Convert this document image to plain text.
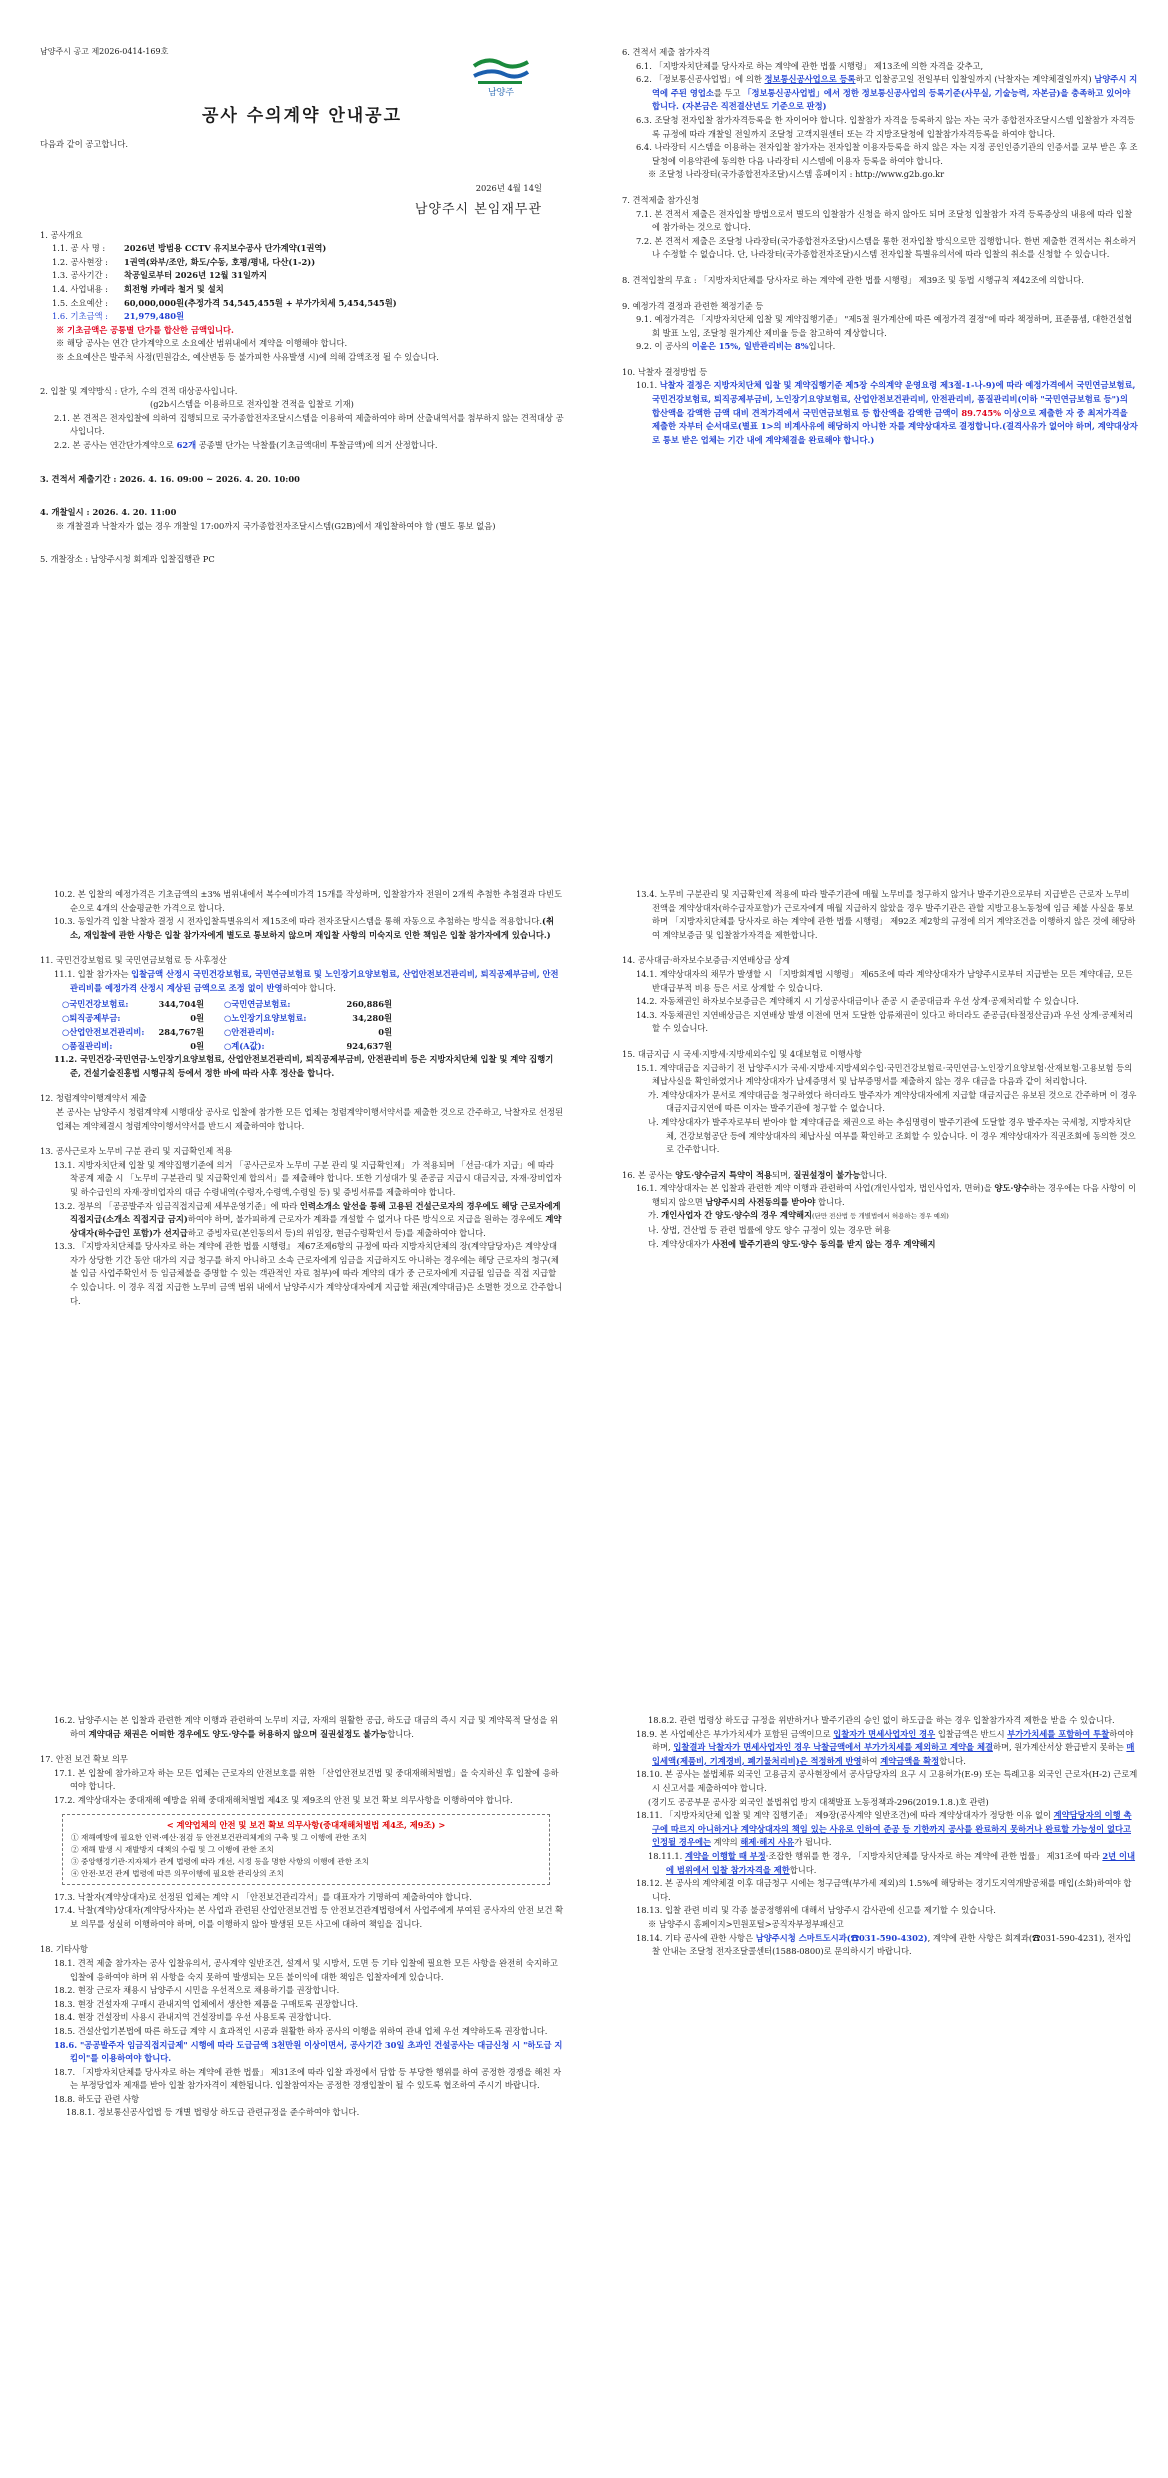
남양주시 공고 제2026-0414-169호

남양주

공사 수의계약 안내공고

다음과 같이 공고합니다.

2026년 4월 14일

남양주시 본임재무관

1. 공사개요

1.1. 공 사 명 :	2026년 방범용 CCTV 유지보수공사 단가계약(1권역)
1.2. 공사현장 :	1권역(와부/조안, 화도/수동, 호평/평내, 다산(1-2))
1.3. 공사기간 :	착공일로부터 2026년 12월 31일까지
1.4. 사업내용 :	회전형 카메라 철거 및 설치
1.5. 소요예산 :	60,000,000원(추정가격 54,545,455원 + 부가가치세 5,454,545원)
1.6. 기초금액 :	21,979,480원

※ 기초금액은 공통별 단가를 합산한 금액입니다.

※ 해당 공사는 연간 단가계약으로 소요예산 범위내에서 계약을 이행해야 합니다.

※ 소요예산은 발주처 사정(민원감소, 예산변동 등 불가피한 사유발생 시)에 의해 감액조정 될 수 있습니다.

2. 입찰 및 계약방식 : 단가, 수의 견적 대상공사입니다.

(g2b시스템을 이용하므로 전자입찰 견적을 입찰로 기재)

2.1. 본 견적은 전자입찰에 의하여 집행되므로 국가종합전자조달시스템을 이용하여 제출하여야 하며 산출내역서를 첨부하지 않는 견적대상 공사입니다.

2.2. 본 공사는 연간단가계약으로 62개 공종별 단가는 낙찰률(기초금액대비 투찰금액)에 의거 산정합니다.

3. 견적서 제출기간 : 2026. 4. 16. 09:00 ~ 2026. 4. 20. 10:00

4. 개찰일시 : 2026. 4. 20. 11:00

※ 개찰결과 낙찰자가 없는 경우 개찰일 17:00까지 국가종합전자조달시스템(G2B)에서 재입찰하여야 함 (별도 통보 없음)

5. 개찰장소 : 남양주시청 회계과 입찰집행관 PC

6. 견적서 제출 참가자격

6.1. 「지방자치단체를 당사자로 하는 계약에 관한 법률 시행령」 제13조에 의한 자격을 갖추고,

6.2. 「정보통신공사업법」에 의한 정보통신공사업으로 등록하고 입찰공고일 전일부터 입찰일까지 (낙찰자는 계약체결일까지) 남양주시 지역에 주된 영업소를 두고 「정보통신공사업법」에서 정한 정보통신공사업의 등록기준(사무실, 기술능력, 자본금)을 충족하고 있어야 합니다. (자본금은 직전결산년도 기준으로 판정)

6.3. 조달청 전자입찰 참가자격등록을 한 자이어야 합니다. 입찰참가 자격을 등록하지 않는 자는 국가 종합전자조달시스템 입찰참가 자격등록 규정에 따라 개찰일 전일까지 조달청 고객지원센터 또는 각 지방조달청에 입찰참가자격등록을 하여야 합니다.

6.4. 나라장터 시스템을 이용하는 전자입찰 참가자는 전자입찰 이용자등록을 하지 않은 자는 지정 공인인증기관의 인증서를 교부 받은 후 조달청에 이용약관에 동의한 다음 나라장터 시스템에 이용자 등록을 하여야 합니다.

※ 조달청 나라장터(국가종합전자조달)시스템 홈페이지 : http://www.g2b.go.kr

7. 견적제출 참가신청

7.1. 본 견적서 제출은 전자입찰 방법으로서 별도의 입찰참가 신청을 하지 않아도 되며 조달청 입찰참가 자격 등록증상의 내용에 따라 입찰에 참가하는 것으로 합니다.

7.2. 본 견적서 제출은 조달청 나라장터(국가종합전자조달)시스템을 통한 전자입찰 방식으로만 집행합니다. 한번 제출한 견적서는 취소하거나 수정할 수 없습니다. 단, 나라장터(국가종합전자조달)시스템 전자입찰 특별유의서에 따라 입찰의 취소를 신청할 수 있습니다.

8. 견적입찰의 무효 : 「지방자치단체를 당사자로 하는 계약에 관한 법률 시행령」 제39조 및 동법 시행규칙 제42조에 의합니다.

9. 예정가격 결정과 관련한 책정기준 등

9.1. 예정가격은 「지방자치단체 입찰 및 계약집행기준」 "제5절 원가계산에 따른 예정가격 결정"에 따라 책정하며, 표준품셈, 대한건설협회 발표 노임, 조달청 원가계산 제비율 등을 참고하여 계상합니다.

9.2. 이 공사의 이윤은 15%, 일반관리비는 8%입니다.

10. 낙찰자 결정방법 등

10.1. 낙찰자 결정은 지방자치단체 입찰 및 계약집행기준 제5장 수의계약 운영요령 제3절-1-나-9)에 따라 예정가격에서 국민연금보험료, 국민건강보험료, 퇴직공제부금비, 노인장기요양보험료, 산업안전보건관리비, 안전관리비, 품질관리비(이하 "국민연금보험료 등")의 합산액을 감액한 금액 대비 견적가격에서 국민연금보험료 등 합산액을 감액한 금액이 89.745% 이상으로 제출한 자 중 최저가격을 제출한 자부터 순서대로(별표 1>의 비계사유에 해당하지 아니한 자를 계약상대자로 결정합니다.(결격사유가 없어야 하며, 계약대상자로 통보 받은 업체는 기간 내에 계약체결을 완료해야 합니다.)

10.2. 본 입찰의 예정가격은 기초금액의 ±3% 범위내에서 복수예비가격 15개를 작성하며, 입찰참가자 전원이 2개씩 추첨한 추첨결과 다빈도 순으로 4개의 산술평균한 가격으로 합니다.

10.3. 동일가격 입찰 낙찰자 결정 시 전자입찰특별유의서 제15조에 따라 전자조달시스템을 통해 자동으로 추첨하는 방식을 적용합니다.(취소, 재입찰에 관한 사항은 입찰 참가자에게 별도로 통보하지 않으며 재입찰 사항의 미숙지로 인한 책임은 입찰 참가자에게 있습니다.)

11. 국민건강보험료 및 국민연금보험료 등 사후정산

11.1. 입찰 참가자는 입찰금액 산정시 국민건강보험료, 국민연금보험료 및 노인장기요양보험료, 산업안전보건관리비, 퇴직공제부금비, 안전관리비를 예정가격 산정시 계상된 금액으로 조정 없이 반영하여야 합니다.

○국민건강보험료:	344,704원 ○국민연금보험료:	260,886원
○퇴직공제부금:	0원 ○노인장기요양보험료:	34,280원
○산업안전보건관리비:	284,767원 ○안전관리비:	0원
○품질관리비:	0원 ○계(A값):	924,637원

11.2. 국민건강·국민연금·노인장기요양보험료, 산업안전보건관리비, 퇴직공제부금비, 안전관리비 등은 지방자치단체 입찰 및 계약 집행기준, 건설기술진흥법 시행규칙 등에서 정한 바에 따라 사후 정산을 합니다.

12. 청렴계약이행계약서 제출

본 공사는 남양주시 청렴계약제 시행대상 공사로 입찰에 참가한 모든 업체는 청렴계약이행서약서를 제출한 것으로 간주하고, 낙찰자로 선정된 업체는 계약체결시 청렴계약이행서약서를 반드시 제출하여야 합니다.

13. 공사근로자 노무비 구분 관리 및 지급확인제 적용

13.1. 지방자치단체 입찰 및 계약집행기준에 의거 「공사근로자 노무비 구분 관리 및 지급확인제」 가 적용되며 「선금·대가 지급」에 따라 착공계 제출 시 「노무비 구분관리 및 지급확인제 합의서」를 제출해야 합니다. 또한 기성대가 및 준공금 지급시 대금지급, 자재·장비업자 및 하수급인의 자재·장비업자의 대금 수령내역(수령자,수령액,수령일 등) 및 증빙서류를 제출하여야 합니다.

13.2. 정부의 「공공발주자 임금직접지급제 세부운영기준」에 따라 인력소개소 알선을 통해 고용된 건설근로자의 경우에도 해당 근로자에게 직접지급(소개소 직접지급 금지)하여야 하며, 불가피하게 근로자가 계좌를 개설할 수 없거나 다른 방식으로 지급을 원하는 경우에도 계약상대자(하수급인 포함)가 선지급하고 증빙자료(본인동의서 등)의 위임장, 현금수령확인서 등)를 제출하여야 합니다.

13.3. 『지방자치단체를 당사자로 하는 계약에 관한 법률 시행령』 제67조제6항의 규정에 따라 지방자치단체의 장(계약담당자)은 계약상대자가 상당한 기간 동안 대가의 지급 청구를 하지 아니하고 소속 근로자에게 임금을 지급하지도 아니하는 경우에는 해당 근로자의 청구(체불 입금 사업주확인서 등 임금체불을 증명할 수 있는 객관적인 자료 첨부)에 따라 계약의 대가 중 근로자에게 지급될 임금을 직접 지급할 수 있습니다. 이 경우 직접 지급한 노무비 금액 범위 내에서 남양주시가 계약상대자에게 지급할 채권(계약대금)은 소멸한 것으로 간주합니다.

13.4. 노무비 구분관리 및 지급확인제 적용에 따라 발주기관에 매월 노무비를 청구하지 않거나 발주기관으로부터 지급받은 근로자 노무비 전액을 계약상대자(하수급자포함)가 근로자에게 매월 지급하지 않았을 경우 발주기관은 관할 지방고용노동청에 임금 체불 사실을 통보하며 「지방자치단체를 당사자로 하는 계약에 관한 법률 시행령」 제92조 제2항의 규정에 의거 계약조건을 이행하지 않은 것에 해당하여 계약보증금 및 입찰참가자격을 제한합니다.

14. 공사대금·하자보수보증금·지연배상금 상계

14.1. 계약상대자의 채무가 발생할 시 「지방회계법 시행령」 제65조에 따라 계약상대자가 남양주시로부터 지급받는 모든 계약대금, 모든 반대급부적 비용 등은 서로 상계할 수 있습니다.

14.2. 자동채권인 하자보수보증금은 계약해지 시 기성공사대금이나 준공 시 준공대금과 우선 상계·공제처리할 수 있습니다.

14.3. 자동채권인 지연배상금은 지연배상 발생 이전에 먼저 도달한 압류채권이 있다고 하더라도 준공금(타절정산금)과 우선 상계·공제처리할 수 있습니다.

15. 대금지급 시 국세·지방세·지방세외수입 및 4대보험료 이행사항

15.1. 계약대금을 지급하기 전 납양주시가 국세·지방세·지방세외수입·국민건강보험료·국민연금·노인장기요양보험·산재보험·고용보험 등의 체납사실을 확인하였거나 계약상대자가 납세증명서 및 납부증명서를 제출하지 않는 경우 대금을 다음과 같이 처리합니다.

가. 계약상대자가 문서로 계약대금을 청구하였다 하더라도 발주자가 계약상대자에게 지급할 대금지급은 유보된 것으로 간주하며 이 경우 대금지급지연에 따른 이자는 발주기관에 청구할 수 없습니다.

나. 계약상대자가 발주자로부터 받아야 할 계약대금을 채권으로 하는 추심명령이 발주기관에 도달할 경우 발주자는 국세청, 지방자치단체, 건강보험공단 등에 계약상대자의 체납사실 여부를 확인하고 조회할 수 있습니다. 이 경우 계약상대자가 직권조회에 동의한 것으로 간주합니다.

16. 본 공사는 양도·양수금지 특약이 적용되며, 질권설정이 불가능합니다.

16.1. 계약상대자는 본 입찰과 관련한 계약 이행과 관련하여 사업(개인사업자, 법인사업자, 면허)을 양도·양수하는 경우에는 다음 사항이 이행되지 않으면 남양주시의 사전동의를 받아야 합니다.

가. 개인사업자 간 양도·양수의 경우 계약해지(단만 전산법 등 개별법에서 허용하는 경우 예외)

나. 상법, 건산법 등 관련 법률에 양도 양수 규정이 있는 경우만 허용

다. 계약상대자가 사전에 발주기관의 양도·양수 동의를 받지 않는 경우 계약해지

16.2. 남양주시는 본 입찰과 관련한 계약 이행과 관련하여 노무비 지급, 자재의 원활한 공급, 하도급 대금의 즉시 지급 및 계약목적 달성을 위하여 계약대금 채권은 어떠한 경우에도 양도·양수를 허용하지 않으며 질권설정도 불가능합니다.

17. 안전 보건 확보 의무

17.1. 본 입찰에 참가하고자 하는 모든 업체는 근로자의 안전보호를 위한 「산업안전보건법 및 중대재해처벌법」을 숙지하신 후 입찰에 응하여야 합니다.

17.2. 계약상대자는 중대재해 예방을 위해 중대재해처벌법 제4조 및 제9조의 안전 및 보건 확보 의무사항을 이행하여야 합니다.

< 계약업체의 안전 및 보건 확보 의무사항(중대재해처벌법 제4조, 제9조) >

① 재해예방에 필요한 인력·예산·점검 등 안전보건관리체계의 구축 및 그 이행에 관한 조치

② 재해 발생 시 재발방지 대책의 수립 및 그 이행에 관한 조치

③ 중앙행정기관·지자체가 관계 법령에 따라 개선, 시정 등을 명한 사항의 이행에 관한 조치

④ 안전·보건 관계 법령에 따른 의무이행에 필요한 관리상의 조치

17.3. 낙찰자(계약상대자)로 선정된 업체는 계약 시 「안전보건관리각서」를 대표자가 기명하여 제출하여야 합니다.

17.4. 낙찰(계약)상대자(계약당사자)는 본 사업과 관련된 산업안전보건법 등 안전보건관계법령에서 사업주에게 부여된 공사자의 안전 보건 확보 의무를 성실히 이행하여야 하며, 이를 이행하지 않아 발생된 모든 사고에 대하여 책임을 집니다.

18. 기타사항

18.1. 견적 제출 참가자는 공사 입찰유의서, 공사계약 일반조건, 설계서 및 시방서, 도면 등 기타 입찰에 필요한 모든 사항을 완전히 숙지하고 입찰에 응하여야 하며 위 사항을 숙지 못하여 발생되는 모든 불이익에 대한 책임은 입찰자에게 있습니다.

18.2. 현장 근로자 채용시 남양주시 시민을 우선적으로 채용하기를 권장합니다.

18.3. 현장 건설자재 구매시 관내지역 업체에서 생산한 제품을 구매토록 권장합니다.

18.4. 현장 건설장비 사용시 관내지역 건설장비를 우선 사용토록 권장합니다.

18.5. 건설산업기본법에 따른 하도급 계약 시 효과적인 시공과 원활한 하자 공사의 이행을 위하여 관내 업체 우선 계약하도록 권장합니다.

18.6. "공공발주자 임금직접지급제" 시행에 따라 도급금액 3천만원 이상이면서, 공사기간 30일 초과인 건설공사는 대금신청 시 "하도급 지킴이"를 이용하여야 합니다.

18.7. 「지방자치단체를 당사자로 하는 계약에 관한 법률」 제31조에 따라 입찰 과정에서 담합 등 부당한 행위를 하여 공정한 경쟁을 해친 자는 부정당업자 제재를 받아 입찰 참가자격이 제한됩니다. 입찰참여자는 공정한 경쟁입찰이 될 수 있도록 협조하여 주시기 바랍니다.

18.8. 하도급 관련 사항

18.8.1. 정보통신공사업법 등 개별 법령상 하도급 관련규정을 준수하여야 합니다.

18.8.2. 관련 법령상 하도급 규정을 위반하거나 발주기관의 승인 없이 하도급을 하는 경우 입찰참가자격 제한을 받을 수 있습니다.

18.9. 본 사업예산은 부가가치세가 포함된 금액이므로 입찰자가 면세사업자인 경우 입찰금액은 반드시 부가가치세를 포함하여 투찰하여야 하며, 입찰결과 낙찰자가 면세사업자인 경우 낙찰금액에서 부가가치세를 제외하고 계약을 체결하며, 원가계산서상 환급받지 못하는 매입세액(제품비, 기계경비, 폐기물처리비)은 적정하게 반영하여 계약금액을 확정합니다.

18.10. 본 공사는 불법체류 외국인 고용금지 공사현장에서 공사담당자의 요구 시 고용허가(E-9) 또는 특례고용 외국인 근로자(H-2) 근로계시 신고서를 제출하여야 합니다.

(경기도 공공부문 공사장 외국인 불법취업 방지 대책발표 노동정책과-296(2019.1.8.)호 관련)

18.11. 「지방자치단체 입찰 및 계약 집행기준」 제9장(공사계약 일반조건)에 따라 계약상대자가 정당한 이유 없이 계약담당자의 이행 촉구에 따르지 아니하거나 계약상대자의 책임 있는 사유로 인하여 준공 등 기한까지 공사를 완료하지 못하거나 완료할 가능성이 없다고 인정될 경우에는 계약의 해제·해지 사유가 됩니다.

18.11.1. 계약을 이행할 때 부정·조잡한 행위를 한 경우, 「지방자치단체를 당사자로 하는 계약에 관한 법률」 제31조에 따라 2년 이내에 범위에서 입찰 참가자격을 제한합니다.

18.12. 본 공사의 계약체결 이후 대금청구 시에는 청구금액(부가세 제외)의 1.5%에 해당하는 경기도지역개발공채를 매입(소화)하여야 합니다.

18.13. 입찰 관련 비리 및 각종 불공정행위에 대해서 남양주시 감사관에 신고를 제기할 수 있습니다.

※ 남양주시 홈페이지>민원포털>공직자부정부패신고

18.14. 기타 공사에 관한 사항은 남양주시청 스마트도시과(☎031-590-4302), 계약에 관한 사항은 회계과(☎031-590-4231), 전자입찰 안내는 조달청 전자조달콜센터(1588-0800)로 문의하시기 바랍니다.
